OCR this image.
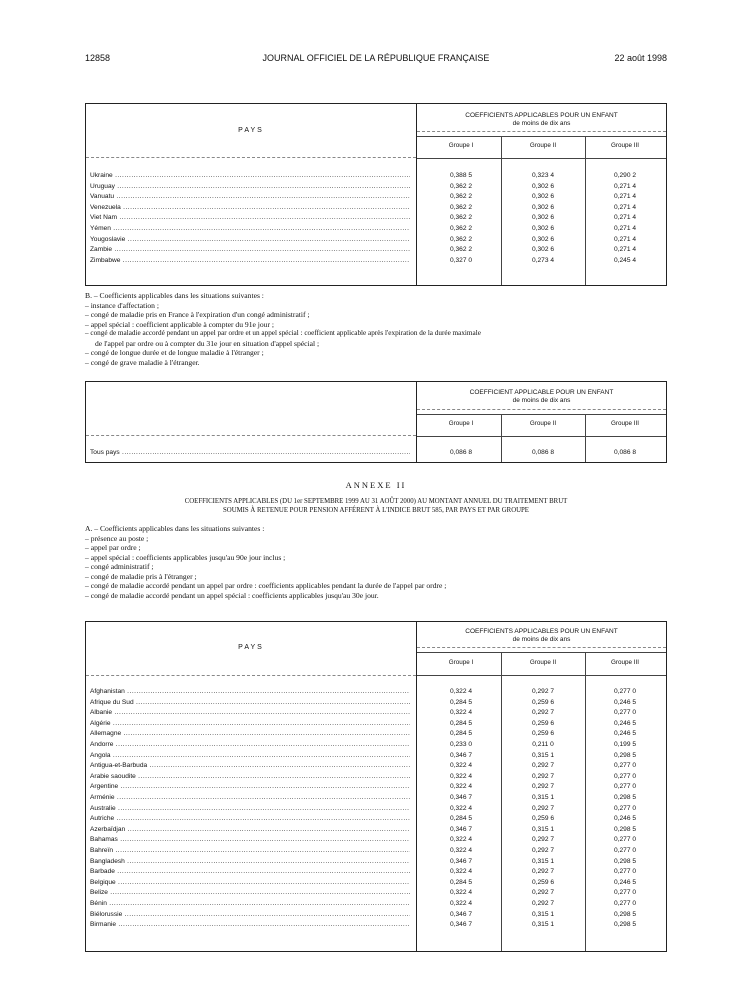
12858	JOURNAL OFFICIEL DE LA RÉPUBLIQUE FRANÇAISE	22 août 1998
PAYS
COEFFICIENTS APPLICABLES POUR UN ENFANT
de moins de dix ans
Groupe I	Groupe II	Groupe III
Ukraine .....	0,388 5	0,323 4	0,290 2
Uruguay .....	0,362 2	0,302 6	0,271 4
Vanuatu .....	0,362 2	0,302 6	0,271 4
Venezuela .....	0,362 2	0,302 6	0,271 4
Viet Nam .....	0,362 2	0,302 6	0,271 4
Yémen .....	0,362 2	0,302 6	0,271 4
Yougoslavie .....	0,362 2	0,302 6	0,271 4
Zambie .....	0,362 2	0,302 6	0,271 4
Zimbabwe .....	0,327 0	0,273 4	0,245 4
B. – Coefficients applicables dans les situations suivantes :
– instance d'affectation ;
– congé de maladie pris en France à l'expiration d'un congé administratif ;
– appel spécial : coefficient applicable à compter du 91e jour ;
– congé de maladie accordé pendant un appel par ordre et un appel spécial : coefficient applicable après l'expiration de la durée maximale
de l'appel par ordre ou à compter du 31e jour en situation d'appel spécial ;
– congé de longue durée et de longue maladie à l'étranger ;
– congé de grave maladie à l'étranger.
COEFFICIENT APPLICABLE POUR UN ENFANT
de moins de dix ans
Groupe I	Groupe II	Groupe III
Tous pays .....	0,086 8	0,086 8	0,086 8
ANNEXE II
COEFFICIENTS APPLICABLES (DU 1er SEPTEMBRE 1999 AU 31 AOÛT 2000) AU MONTANT ANNUEL DU TRAITEMENT BRUT
SOUMIS À RETENUE POUR PENSION AFFÉRENT À L'INDICE BRUT 585, PAR PAYS ET PAR GROUPE
A. – Coefficients applicables dans les situations suivantes :
– présence au poste ;
– appel par ordre ;
– appel spécial : coefficients applicables jusqu'au 90e jour inclus ;
– congé administratif ;
– congé de maladie pris à l'étranger ;
– congé de maladie accordé pendant un appel par ordre : coefficients applicables pendant la durée de l'appel par ordre ;
– congé de maladie accordé pendant un appel spécial : coefficients applicables jusqu'au 30e jour.
PAYS
COEFFICIENTS APPLICABLES POUR UN ENFANT
de moins de dix ans
Groupe I	Groupe II	Groupe III
Afghanistan .....	0,322 4	0,292 7	0,277 0
Afrique du Sud .....	0,284 5	0,259 6	0,246 5
Albanie .....	0,322 4	0,292 7	0,277 0
Algérie .....	0,284 5	0,259 6	0,246 5
Allemagne .....	0,284 5	0,259 6	0,246 5
Andorre .....	0,233 0	0,211 0	0,199 5
Angola .....	0,346 7	0,315 1	0,298 5
Antigua-et-Barbuda .....	0,322 4	0,292 7	0,277 0
Arabie saoudite .....	0,322 4	0,292 7	0,277 0
Argentine .....	0,322 4	0,292 7	0,277 0
Arménie .....	0,346 7	0,315 1	0,298 5
Australie .....	0,322 4	0,292 7	0,277 0
Autriche .....	0,284 5	0,259 6	0,246 5
Azerbaïdjan .....	0,346 7	0,315 1	0,298 5
Bahamas .....	0,322 4	0,292 7	0,277 0
Bahreïn .....	0,322 4	0,292 7	0,277 0
Bangladesh .....	0,346 7	0,315 1	0,298 5
Barbade .....	0,322 4	0,292 7	0,277 0
Belgique .....	0,284 5	0,259 6	0,246 5
Belize .....	0,322 4	0,292 7	0,277 0
Bénin .....	0,322 4	0,292 7	0,277 0
Biélorussie .....	0,346 7	0,315 1	0,298 5
Birmanie .....	0,346 7	0,315 1	0,298 5
